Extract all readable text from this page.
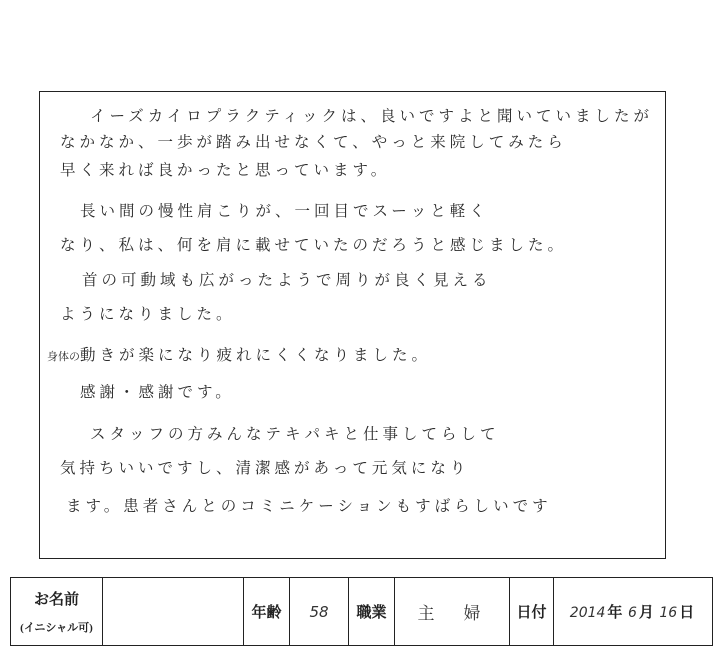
イーズカイロプラクティックは、良いですよと聞いていましたが
なかなか、一歩が踏み出せなくて、やっと来院してみたら
早く来れば良かったと思っています。
長い間の慢性肩こりが、一回目でスーッと軽く
なり、私は、何を肩に載せていたのだろうと感じました。
首の可動域も広がったようで周りが良く見える
ようになりました。
身体の動きが楽になり疲れにくくなりました。
感謝・感謝です。
スタッフの方みんなテキパキと仕事してらして
気持ちいいですし、清潔感があって元気になり
ます。患者さんとのコミニケーションもすばらしいです
お名前
(イニシャル可)
		年齢	58	職業	主　婦	日付	2014 年 6 月 16 日
